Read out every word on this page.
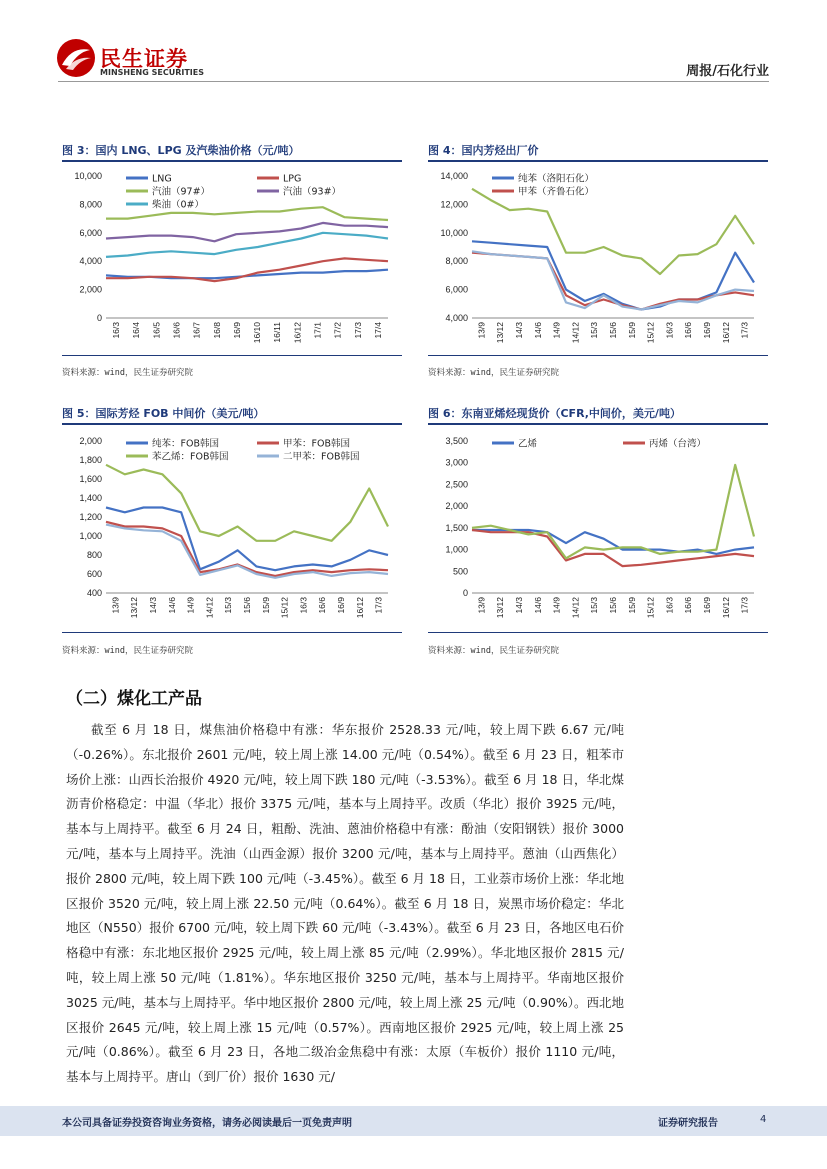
民生证券
MINSHENG SECURITIES	周报/石化行业
图 3：国内 LNG、LPG 及汽柴油价格（元/吨）
0
2,000
4,000
6,000
8,000
10,000
16/3 16/4 16/5 16/6 16/7 16/8 16/9 16/10 16/11 16/12 17/1 17/2 17/3 17/4
LNG	LPG
汽油（97#）	汽油（93#）
柴油（0#）
资料来源：wind，民生证券研究院
图 4：国内芳烃出厂价
4,000
6,000
8,000
10,000
12,000
14,000
13/9 13/12 14/3 14/6 14/9 14/12 15/3 15/6 15/9 15/12 16/3 16/6 16/9 16/12 17/3
纯苯（洛阳石化）
甲苯（齐鲁石化）
资料来源：wind，民生证券研究院
图 5：国际芳烃 FOB 中间价（美元/吨）
400
600
800
1,000
1,200
1,400
1,600
1,800
2,000
13/9 13/12 14/3 14/6 14/9 14/12 15/3 15/6 15/9 15/12 16/3 16/6 16/9 16/12 17/3
纯苯：FOB韩国	甲苯：FOB韩国
苯乙烯：FOB韩国	二甲苯：FOB韩国
资料来源：wind，民生证券研究院
图 6：东南亚烯烃现货价（CFR,中间价，美元/吨）
0
500
1,000
1,500
2,000
2,500
3,000
3,500
13/9 13/12 14/3 14/6 14/9 14/12 15/3 15/6 15/9 15/12 16/3 16/6 16/9 16/12 17/3
乙烯	丙烯（台湾）
资料来源：wind，民生证券研究院
（二）煤化工产品
截至 6 月 18 日，煤焦油价格稳中有涨：华东报价 2528.33 元/吨，较上周下跌 6.67 元/吨（-0.26%）。东北报价 2601 元/吨，较上周上涨 14.00 元/吨（0.54%）。截至 6 月 23 日，粗苯市场价上涨：山西长治报价 4920 元/吨，较上周下跌 180 元/吨（-3.53%）。截至 6 月 18 日，华北煤沥青价格稳定：中温（华北）报价 3375 元/吨，基本与上周持平。改质（华北）报价 3925 元/吨，基本与上周持平。截至 6 月 24 日，粗酚、洗油、蒽油价格稳中有涨：酚油（安阳钢铁）报价 3000 元/吨，基本与上周持平。洗油（山西金源）报价 3200 元/吨，基本与上周持平。蒽油（山西焦化）报价 2800 元/吨，较上周下跌 100 元/吨（-3.45%）。截至 6 月 18 日，工业萘市场价上涨：华北地区报价 3520 元/吨，较上周上涨 22.50 元/吨（0.64%）。截至 6 月 18 日，炭黑市场价稳定：华北地区（N550）报价 6700 元/吨，较上周下跌 60 元/吨（-3.43%）。截至 6 月 23 日，各地区电石价格稳中有涨：东北地区报价 2925 元/吨，较上周上涨 85 元/吨（2.99%）。华北地区报价 2815 元/吨，较上周上涨 50 元/吨（1.81%）。华东地区报价 3250 元/吨，基本与上周持平。华南地区报价 3025 元/吨，基本与上周持平。华中地区报价 2800 元/吨，较上周上涨 25 元/吨（0.90%）。西北地区报价 2645 元/吨，较上周上涨 15 元/吨（0.57%）。西南地区报价 2925 元/吨，较上周上涨 25 元/吨（0.86%）。截至 6 月 23 日，各地二级冶金焦稳中有涨：太原（车板价）报价 1110 元/吨，基本与上周持平。唐山（到厂价）报价 1630 元/
本公司具备证券投资咨询业务资格，请务必阅读最后一页免责声明	证券研究报告	4
